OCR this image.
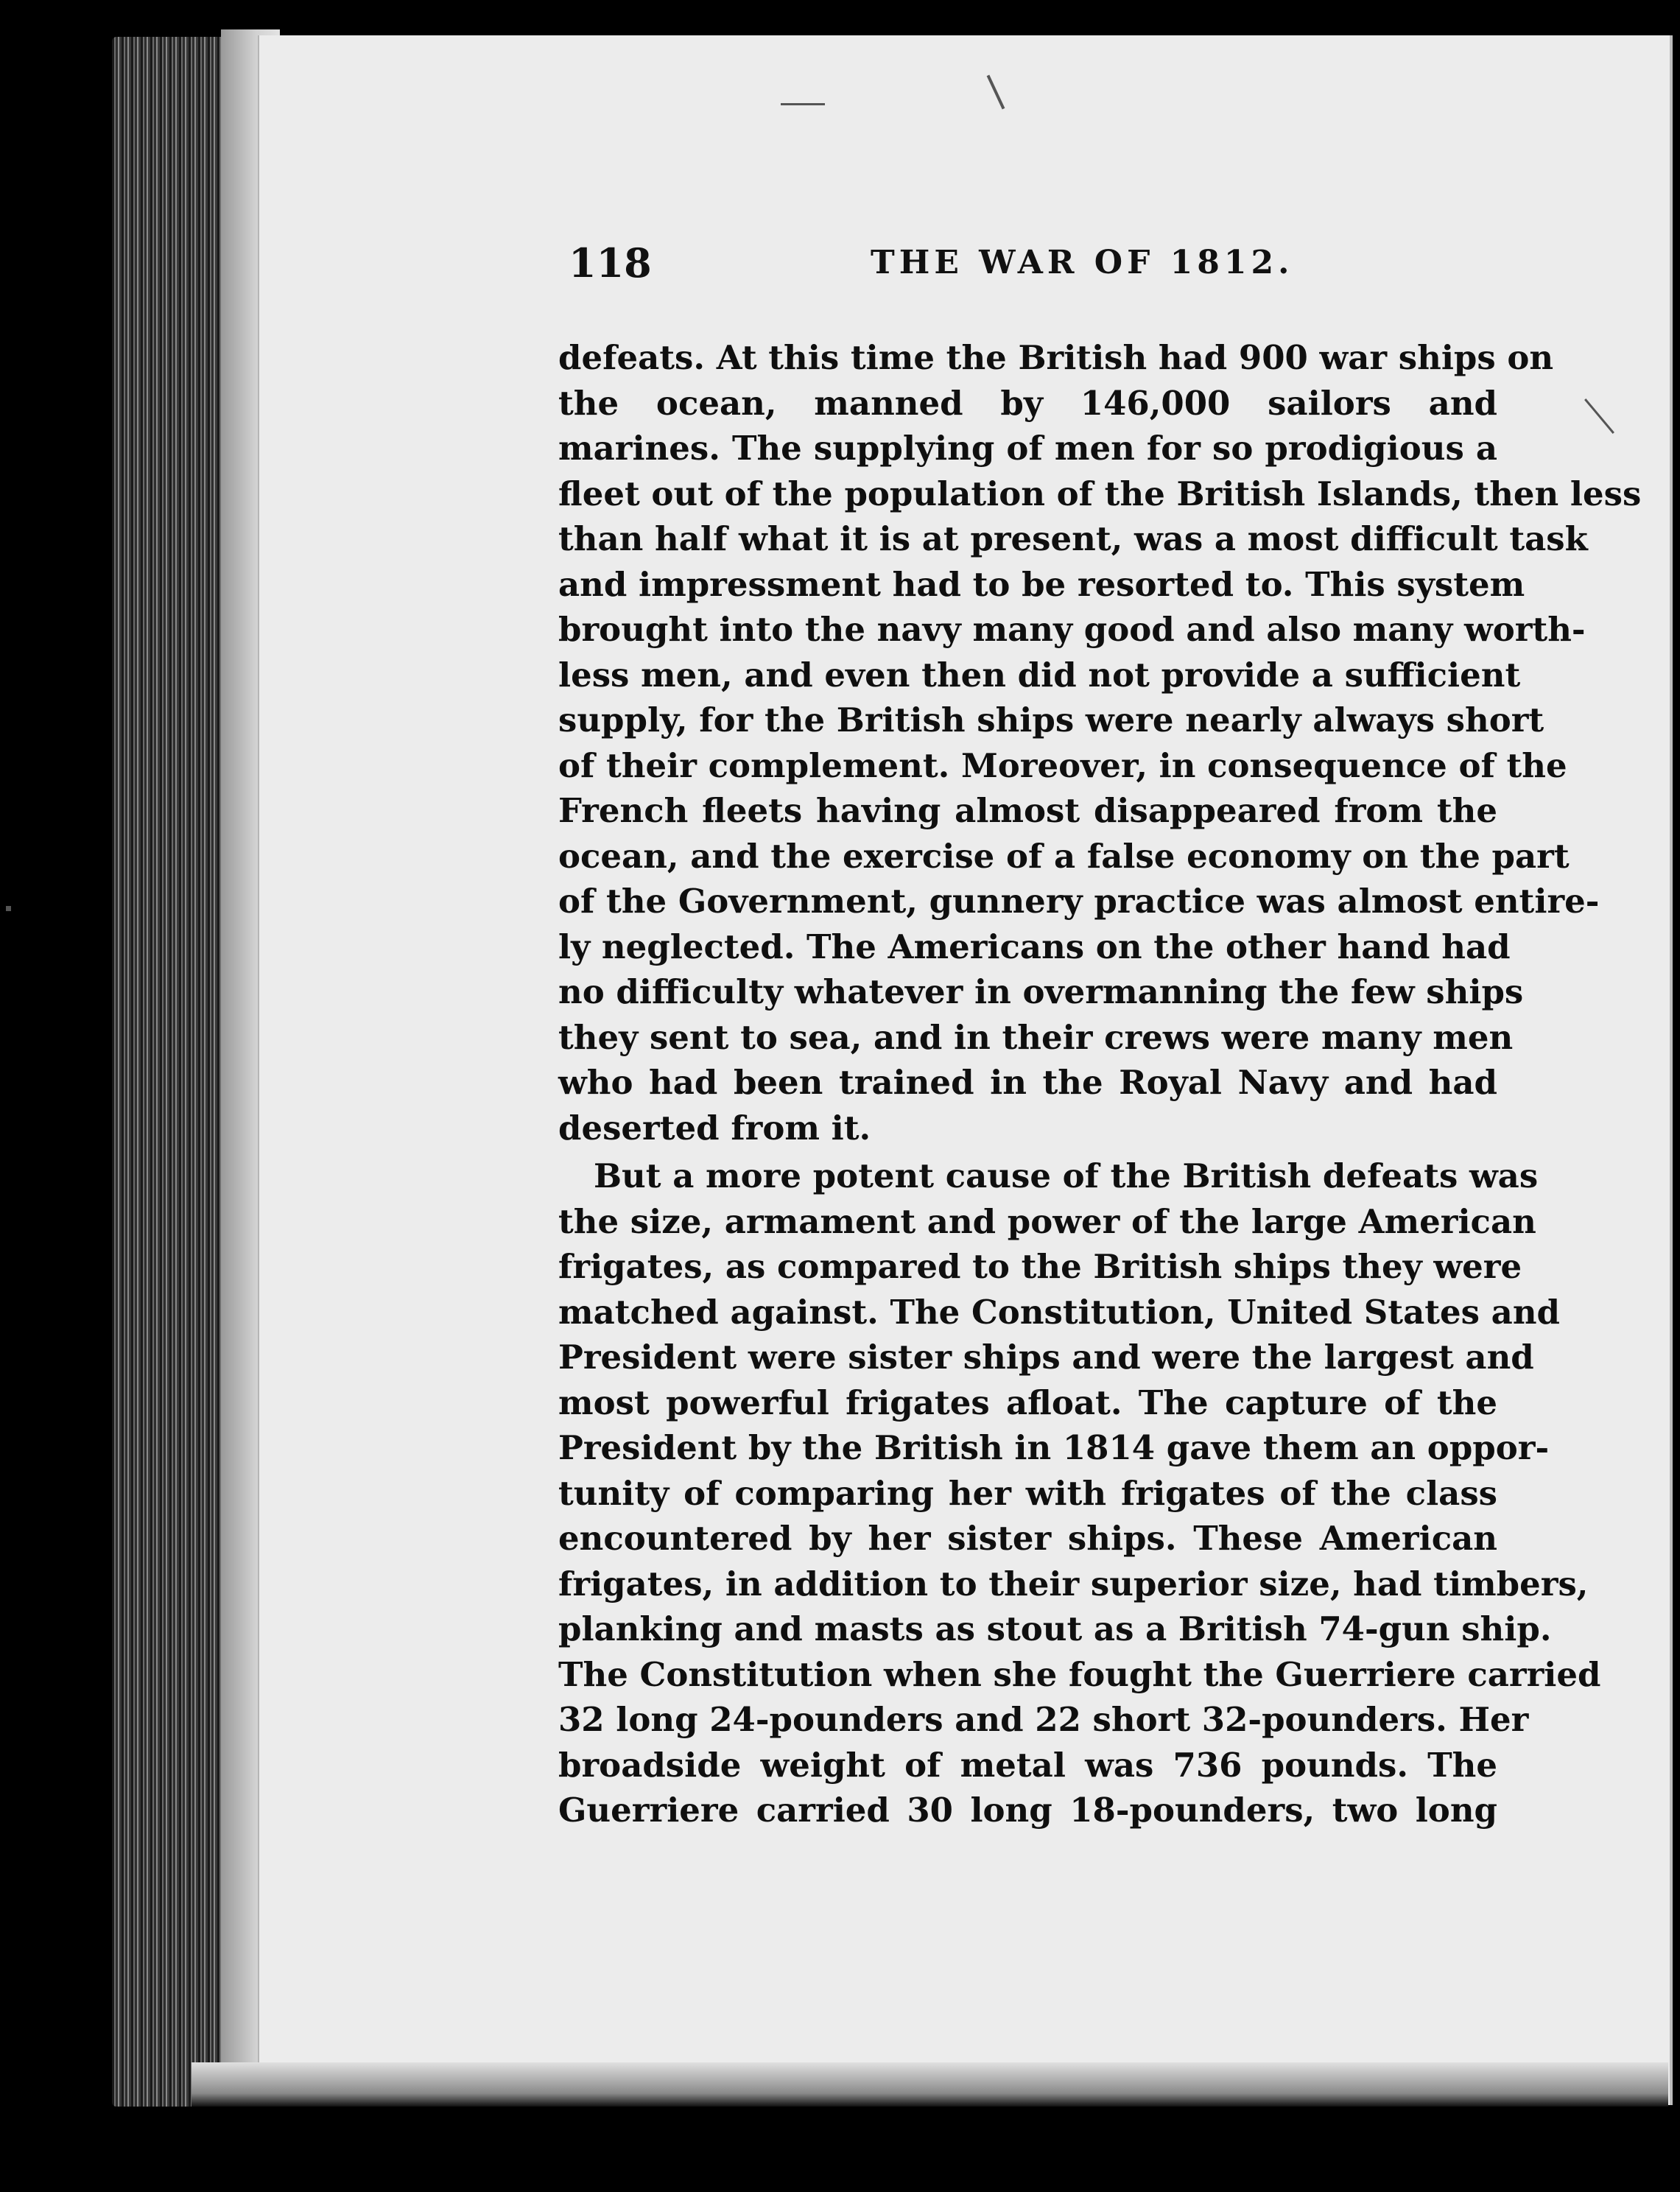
118	THE WAR OF 1812.
defeats. At this time the British had 900 war ships on
the ocean, manned by 146,000 sailors and
marines. The supplying of men for so prodigious a
fleet out of the population of the British Islands, then less
than half what it is at present, was a most difficult task
and impressment had to be resorted to. This system
brought into the navy many good and also many worth-
less men, and even then did not provide a sufficient
supply, for the British ships were nearly always short
of their complement. Moreover, in consequence of the
French fleets having almost disappeared from the
ocean, and the exercise of a false economy on the part
of the Government, gunnery practice was almost entire-
ly neglected. The Americans on the other hand had
no difficulty whatever in overmanning the few ships
they sent to sea, and in their crews were many men
who had been trained in the Royal Navy and had
deserted from it.
But a more potent cause of the British defeats was
the size, armament and power of the large American
frigates, as compared to the British ships they were
matched against. The Constitution, United States and
President were sister ships and were the largest and
most powerful frigates afloat. The capture of the
President by the British in 1814 gave them an oppor-
tunity of comparing her with frigates of the class
encountered by her sister ships. These American
frigates, in addition to their superior size, had timbers,
planking and masts as stout as a British 74-gun ship.
The Constitution when she fought the Guerriere carried
32 long 24-pounders and 22 short 32-pounders. Her
broadside weight of metal was 736 pounds. The
Guerriere carried 30 long 18-pounders, two long
